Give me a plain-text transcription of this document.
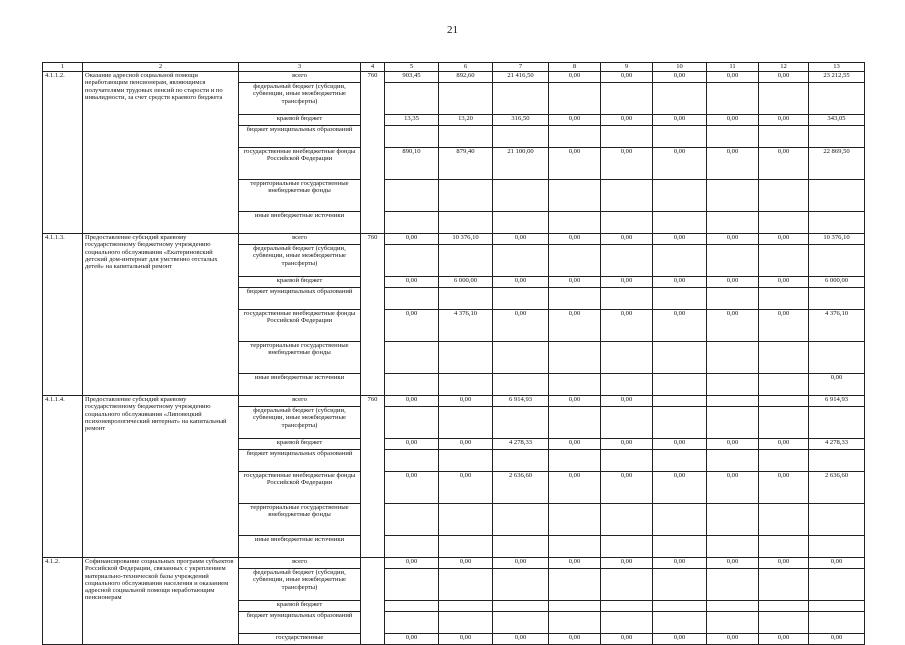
21
1	2	3	4	5	6	7	8	9	10	11	12	13
4.1.1.2.	Оказание адресной социальной помощи неработающим пенсионерам, являющимся получателями трудовых пенсий по старости и по инвалидности, за счет средств краевого бюджета	всего	760	903,45	892,60	21 416,50	0,00	0,00	0,00	0,00	0,00	23 212,55
		федеральный бюджет (субсидии, субвенции, иные межбюджетные трансферты)										
		краевой бюджет		13,35	13,20	316,50	0,00	0,00	0,00	0,00	0,00	343,05
		бюджет муниципальных образований										
		государственные внебюджетные фонды Российской Федерации		890,10	879,40	21 100,00	0,00	0,00	0,00	0,00	0,00	22 869,50
		территориальные государственные внебюджетные фонды										
		иные внебюджетные источники										
4.1.1.3.	Предоставление субсидий краевому государственному бюджетному учреждению социального обслуживания «Екатериновский детский дом-интернат для умственно отсталых детей» на капитальный ремонт	всего	760	0,00	10 376,10	0,00	0,00	0,00	0,00	0,00	0,00	10 376,10
		федеральный бюджет (субсидии, субвенции, иные межбюджетные трансферты)										
		краевой бюджет		0,00	6 000,00	0,00	0,00	0,00	0,00	0,00	0,00	6 000,00
		бюджет муниципальных образований										
		государственные внебюджетные фонды Российской Федерации		0,00	4 376,10	0,00	0,00	0,00	0,00	0,00	0,00	4 376,10
		территориальные государственные внебюджетные фонды										
		иные внебюджетные источники										0,00
4.1.1.4.	Предоставление субсидий краевому государственному бюджетному учреждению социального обслуживания «Липовецкий психоневрологический интернат» на капитальный ремонт	всего	760	0,00	0,00	6 914,93	0,00	0,00				6 914,93
		федеральный бюджет (субсидии, субвенции, иные межбюджетные трансферты)										
		краевой бюджет		0,00	0,00	4 278,33	0,00	0,00	0,00	0,00	0,00	4 278,33
		бюджет муниципальных образований										
		государственные внебюджетные фонды Российской Федерации		0,00	0,00	2 636,60	0,00	0,00	0,00	0,00	0,00	2 636,60
		территориальные государственные внебюджетные фонды										
		иные внебюджетные источники										
4.1.2.	Софинансирование социальных программ субъектов Российской Федерации, связанных с укреплением материально-технической базы учреждений социального обслуживания населения и оказанием адресной социальной помощи неработающим пенсионерам	всего		0,00	0,00	0,00	0,00	0,00	0,00	0,00	0,00	0,00
		федеральный бюджет (субсидии, субвенции, иные межбюджетные трансферты)										
		краевой бюджет										
		бюджет муниципальных образований										
		государственные		0,00	0,00	0,00	0,00	0,00	0,00	0,00	0,00	0,00
